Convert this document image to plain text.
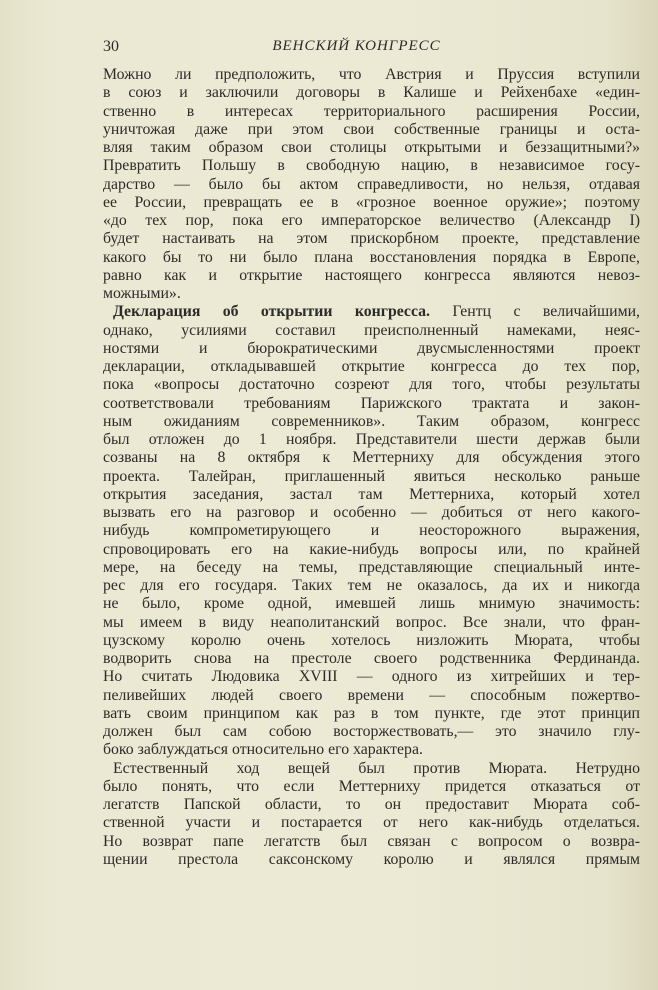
30	ВЕНСКИЙ КОНГРЕСС
Можно ли предположить, что Австрия и Пруссия вступили
в союз и заключили договоры в Калише и Рейхенбахе «един-
ственно в интересах территориального расширения России,
уничтожая даже при этом свои собственные границы и оста-
вляя таким образом свои столицы открытыми и беззащитными?»
Превратить Польшу в свободную нацию, в независимое госу-
дарство — было бы актом справедливости, но нельзя, отдавая
ее России, превращать ее в «грозное военное оружие»; поэтому
«до тех пор, пока его императорское величество (Александр I)
будет настаивать на этом прискорбном проекте, представление
какого бы то ни было плана восстановления порядка в Европе,
равно как и открытие настоящего конгресса являются невоз-
можными».
Декларация об открытии конгресса. Гентц с величайшими,
однако, усилиями составил преисполненный намеками, неяс-
ностями и бюрократическими двусмысленностями проект
декларации, откладывавшей открытие конгресса до тех пор,
пока «вопросы достаточно созреют для того, чтобы результаты
соответствовали требованиям Парижского трактата и закон-
ным ожиданиям современников». Таким образом, конгресс
был отложен до 1 ноября. Представители шести держав были
созваны на 8 октября к Меттерниху для обсуждения этого
проекта. Талейран, приглашенный явиться несколько раньше
открытия заседания, застал там Меттерниха, который хотел
вызвать его на разговор и особенно — добиться от него какого-
нибудь компрометирующего и неосторожного выражения,
спровоцировать его на какие-нибудь вопросы или, по крайней
мере, на беседу на темы, представляющие специальный инте-
рес для его государя. Таких тем не оказалось, да их и никогда
не было, кроме одной, имевшей лишь мнимую значимость:
мы имеем в виду неаполитанский вопрос. Все знали, что фран-
цузскому королю очень хотелось низложить Мюрата, чтобы
водворить снова на престоле своего родственника Фердинанда.
Но считать Людовика XVIII — одного из хитрейших и тер-
пеливейших людей своего времени — способным пожертво-
вать своим принципом как раз в том пункте, где этот принцип
должен был сам собою восторжествовать,— это значило глу-
боко заблуждаться относительно его характера.
Естественный ход вещей был против Мюрата. Нетрудно
было понять, что если Меттерниху придется отказаться от
легатств Папской области, то он предоставит Мюрата соб-
ственной участи и постарается от него как-нибудь отделаться.
Но возврат папе легатств был связан с вопросом о возвра-
щении престола саксонскому королю и являлся прямым
